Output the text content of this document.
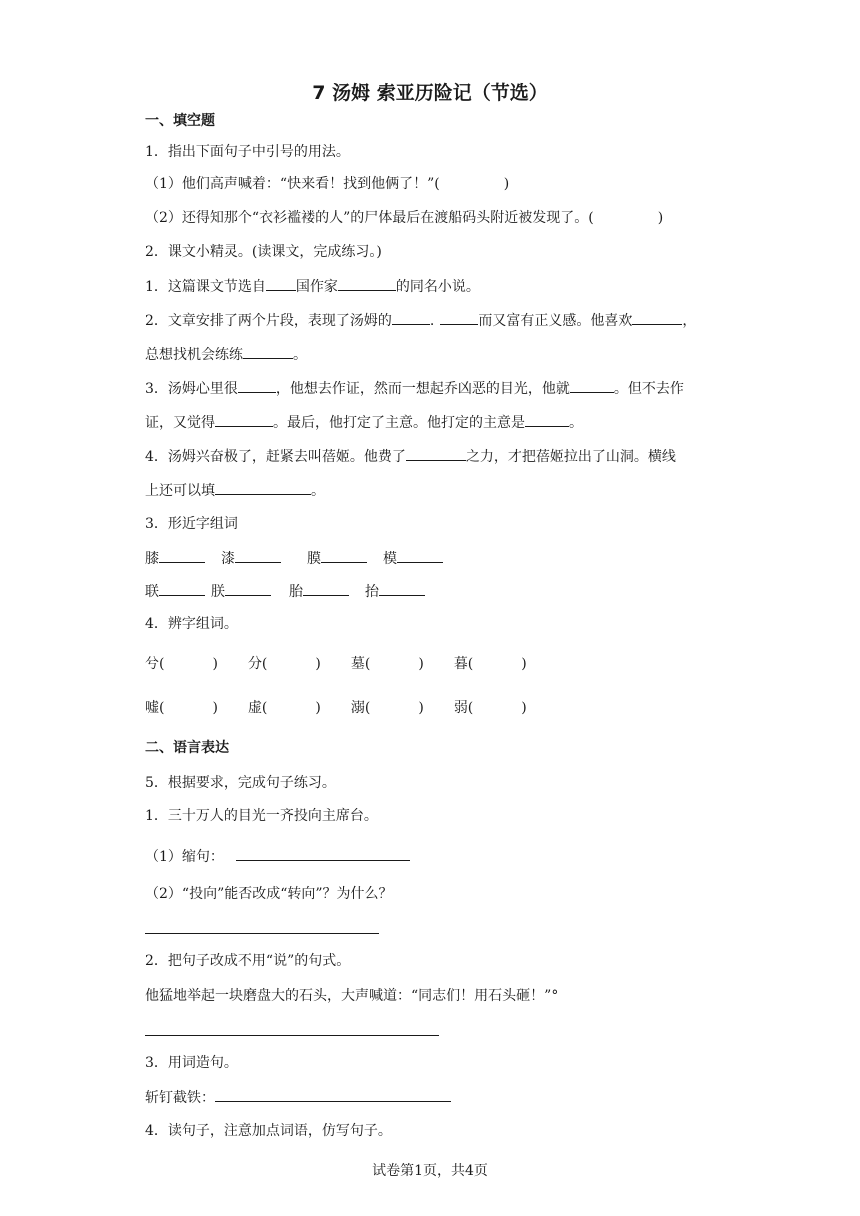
7 汤姆 索亚历险记（节选）
一、填空题
1．指出下面句子中引号的用法。
（1）他们高声喊着：“快来看！找到他俩了！”(	)
（2）还得知那个“衣衫褴褛的人”的尸体最后在渡船码头附近被发现了。(	)
2．课文小精灵。(读课文，完成练习。)
1．这篇课文节选自 国作家	的同名小说。
2．文章安排了两个片段，表现了汤姆的	.	而又富有正义感。他喜欢	，
总想找机会练练	。
3．汤姆心里很	，他想去作证，然而一想起乔凶恶的目光，他就	。但不去作
证，又觉得	。最后，他打定了主意。他打定的主意是	。
4．汤姆兴奋极了，赶紧去叫蓓姬。他费了	之力，才把蓓姬拉出了山洞。横线
上还可以填	。
3．形近字组词
膝	漆	膜	模
联	朕	胎	抬
4．辨字组词。
兮(	) 分(	) 墓(	) 暮(	)
嘘(	) 虚(	) 溺(	) 弱(	)
二、语言表达
5．根据要求，完成句子练习。
1．三十万人的目光一齐投向主席台。
（1）缩句：
（2）“投向”能否改成“转向”？为什么？
2．把句子改成不用“说”的句式。
他猛地举起一块磨盘大的石头，大声喊道：“同志们！用石头砸！”°
3．用词造句。
斩钉截铁：
4．读句子，注意加点词语，仿写句子。
试卷第1页，共4页
